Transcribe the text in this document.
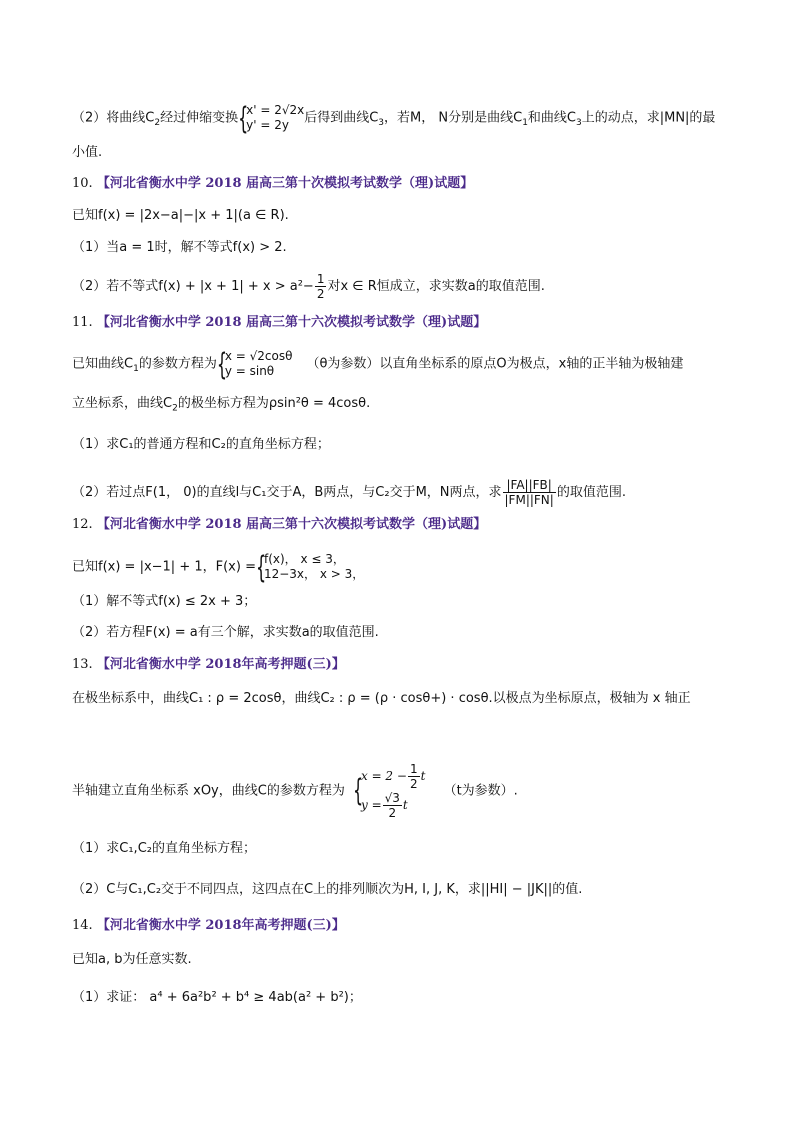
（2）将曲线$C_2$经过伸缩变换
{ x' = 2√2x
y' = 2y	后得到曲线$C_3$，若M， N分别是曲线$C_1$和曲线$C_3$上的动点，求|MN|的最
小值.
10. 【河北省衡水中学 2018 届高三第十次模拟考试数学（理)试题】
已知f(x) = |2x−a|−|x + 1|(a ∈ R).
（1）当a = 1时，解不等式f(x) > 2.
（2）若不等式$f(x) + |x + 1| + x > a^2- \frac{1}{2}$ 对x ∈ R恒成立，求实数a的取值范围.
11. 【河北省衡水中学 2018 届高三第十六次模拟考试数学（理)试题】
已知曲线$C_1$的参数方程为
{ x = √2cosθ
y = sinθ	（θ为参数）以直角坐标系的原点O为极点，x轴的正半轴为极轴建
立坐标系，曲线$C_2$的极坐标方程为ρsin²θ = 4cosθ.
（1）求C₁的普通方程和C₂的直角坐标方程；
（2）若过点F(1， 0)的直线l与C₁交于A，B两点，与C₂交于M，N两点，求 $\frac{|FA||FB|}{|FM||FN|}$ 的取值范围.
12. 【河北省衡水中学 2018 届高三第十六次模拟考试数学（理)试题】
已知f(x) = |x−1| + 1，F(x) =
{ f(x)， x ≤ 3，
12−3x， x > 3，
（1）解不等式f(x) ≤ 2x + 3；
（2）若方程F(x) = a有三个解，求实数a的取值范围.
13. 【河北省衡水中学 2018年高考押题(三)】
在极坐标系中，曲线C₁ : ρ = 2cosθ，曲线C₂ : ρ = (ρ · cosθ+) · cosθ.以极点为坐标原点，极轴为 x 轴正
半轴建立直角坐标系 xOy，曲线C的参数方程为
{ $x = 2 - \frac{1}{2}$ t
$y = \frac{√3}{2}$ t
（t为参数）.
（1）求C₁,C₂的直角坐标方程；
（2）C与C₁,C₂交于不同四点，这四点在C上的排列顺次为H, I, J, K，求||HI| − |JK||的值.
14. 【河北省衡水中学 2018年高考押题(三)】
已知a, b为任意实数.
（1）求证： a⁴ + 6a²b² + b⁴ ≥ 4ab(a² + b²)；
